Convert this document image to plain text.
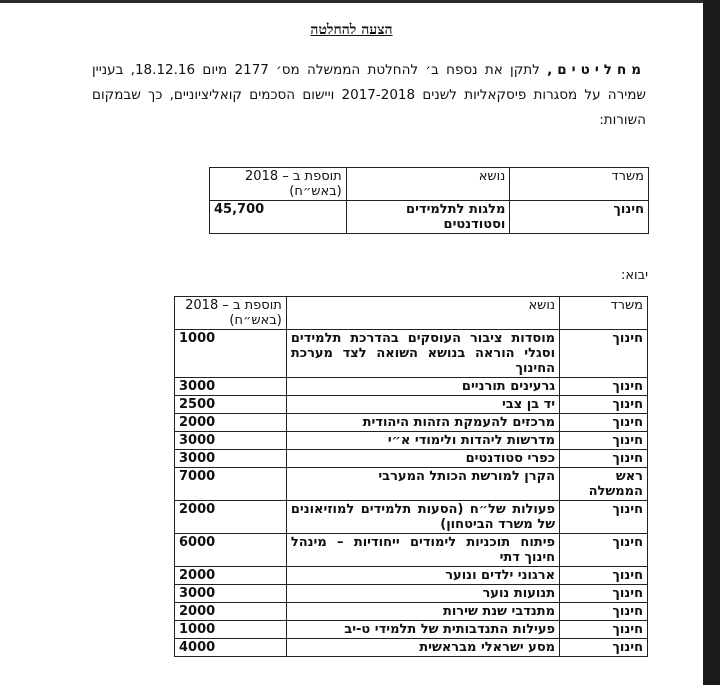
הצעה להחלטה
מחליטים, לתקן את נספח ב׳ להחלטת הממשלה מס׳ 2177 מיום 18.12.16, בעניין שמירה על מסגרות פיסקאליות לשנים 2017-2018 ויישום הסכמים קואליציוניים, כך שבמקום השורות:
משרד	נושא	תוספת ב – 2018 (באש״ח)
חינוך	מלגות לתלמידים וסטודנטים	45,700
יבוא:
משרד	נושא	תוספת ב – 2018 (באש״ח)
חינוך	מוסדות ציבור העוסקים בהדרכת תלמידים וסגלי הוראה בנושא השואה לצד מערכת החינוך	1000
חינוך	גרעינים תורניים	3000
חינוך	יד בן צבי	2500
חינוך	מרכזים להעמקת הזהות היהודית	2000
חינוך	מדרשות ליהדות ולימודי א״י	3000
חינוך	כפרי סטודנטים	3000
ראש הממשלה	הקרן למורשת הכותל המערבי	7000
חינוך	פעולות של״ח (הסעות תלמידים למוזיאונים של משרד הביטחון)	2000
חינוך	פיתוח תוכניות לימודים ייחודיות – מינהל חינוך דתי	6000
חינוך	ארגוני ילדים ונוער	2000
חינוך	תנועות נוער	3000
חינוך	מתנדבי שנת שירות	2000
חינוך	פעילות התנדבותית של תלמידי ט-יב	1000
חינוך	מסע ישראלי מבראשית	4000
